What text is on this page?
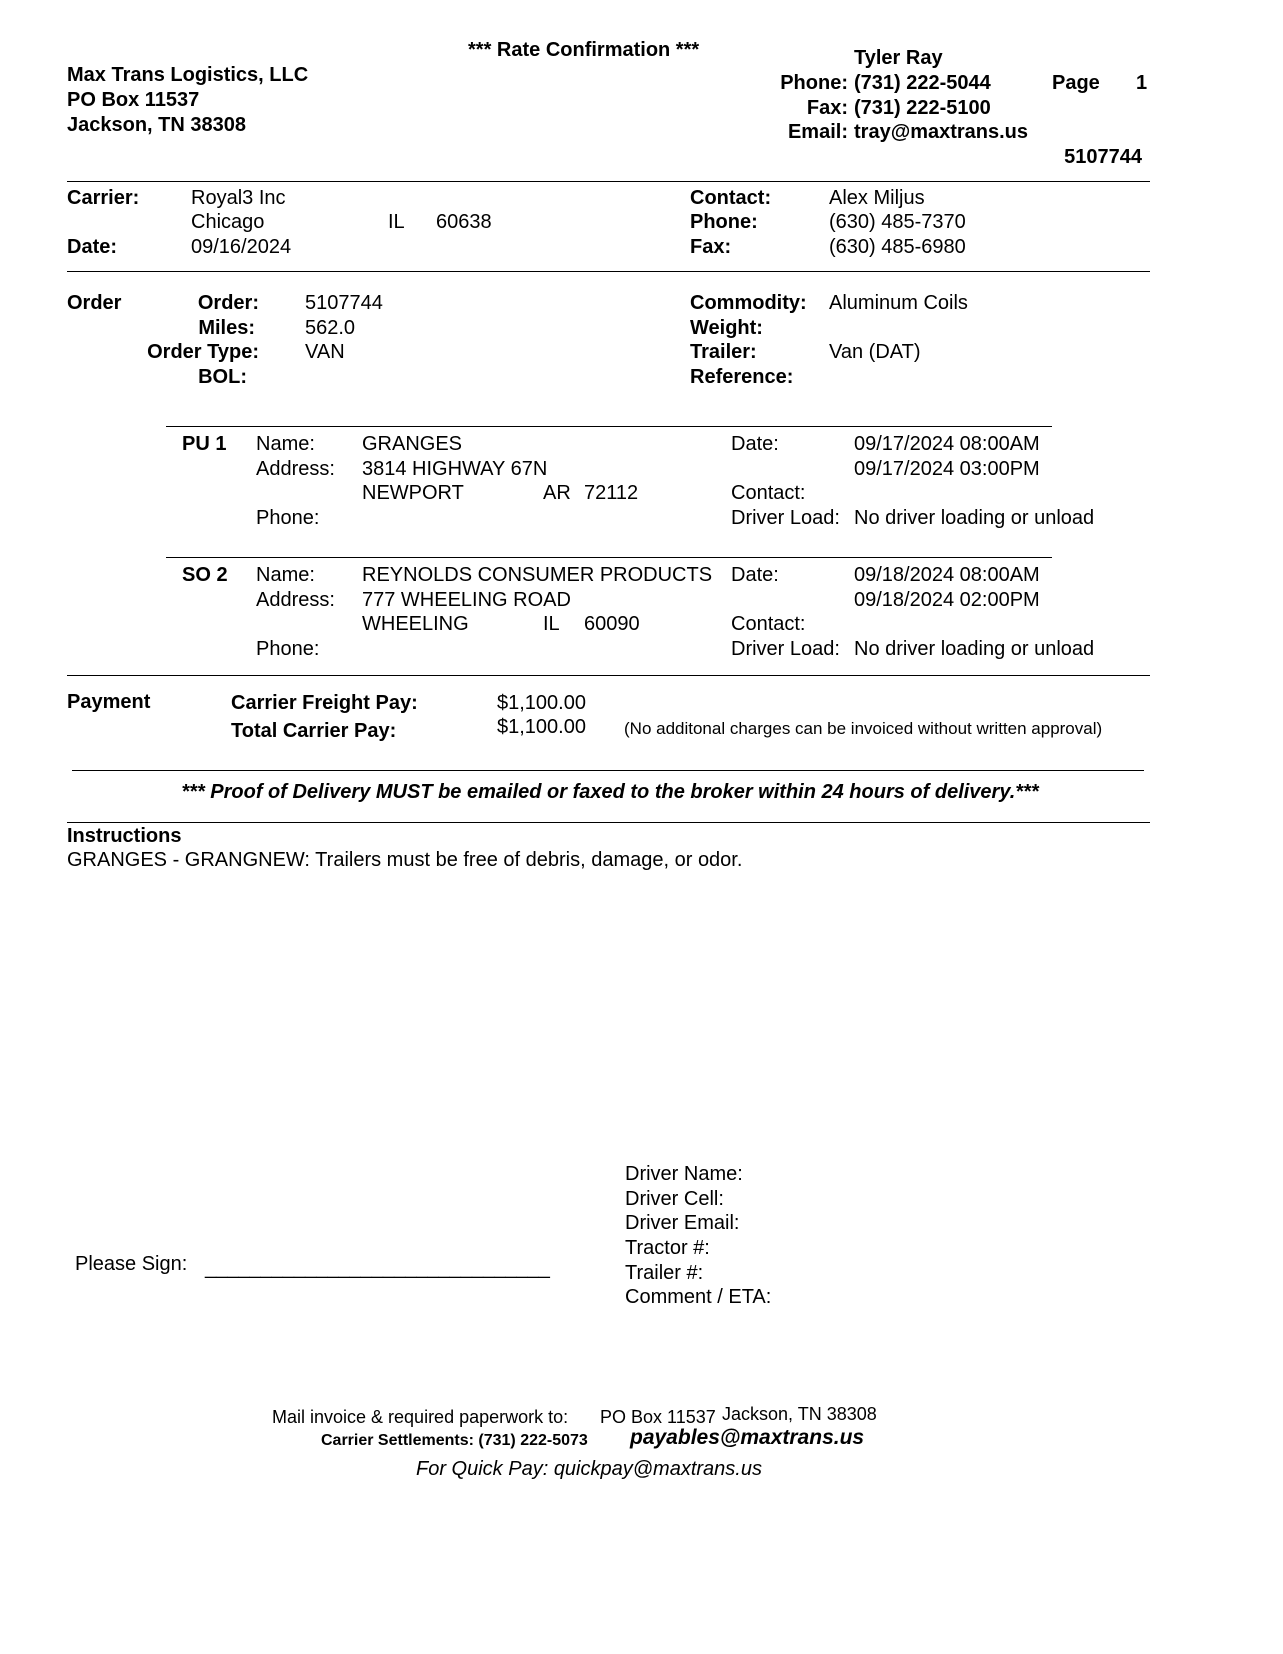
*** Rate Confirmation ***
Max Trans Logistics, LLC
PO Box 11537
Jackson, TN 38308
Tyler Ray
Phone: (731) 222-5044
Fax: (731) 222-5100
Email: tray@maxtrans.us
Page 1
5107744
Carrier:	Royal3 Inc
Chicago	IL 60638
Date:	09/16/2024
Contact:	Alex Miljus
Phone:	(630) 485-7370
Fax:	(630) 485-6980
Order	Order: 5107744
Miles:	562.0
Order Type: VAN
BOL:
Commodity: Aluminum Coils
Weight:
Trailer:	Van (DAT)
Reference:
PU 1 Name: GRANGES
Address: 3814 HIGHWAY 67N
NEWPORT	AR 72112
Phone:
Date:	09/17/2024 08:00AM
09/17/2024 03:00PM
Contact:
Driver Load: No driver loading or unload
SO 2 Name: REYNOLDS CONSUMER PRODUCTS
Address: 777 WHEELING ROAD
WHEELING	IL 60090
Phone:
Date:	09/18/2024 08:00AM
09/18/2024 02:00PM
Contact:
Driver Load: No driver loading or unload
Payment	Carrier Freight Pay:	$1,100.00
Total Carrier Pay:	$1,100.00 (No additonal charges can be invoiced without written approval)
*** Proof of Delivery MUST be emailed or faxed to the broker within 24 hours of delivery.***
Instructions
GRANGES - GRANGNEW: Trailers must be free of debris, damage, or odor.
Please Sign: _______________________________
Driver Name:
Driver Cell:
Driver Email:
Tractor #:
Trailer #:
Comment / ETA:
Mail invoice & required paperwork to: PO Box 11537 Jackson, TN 38308
Carrier Settlements: (731) 222-5073 payables@maxtrans.us
For Quick Pay: quickpay@maxtrans.us
